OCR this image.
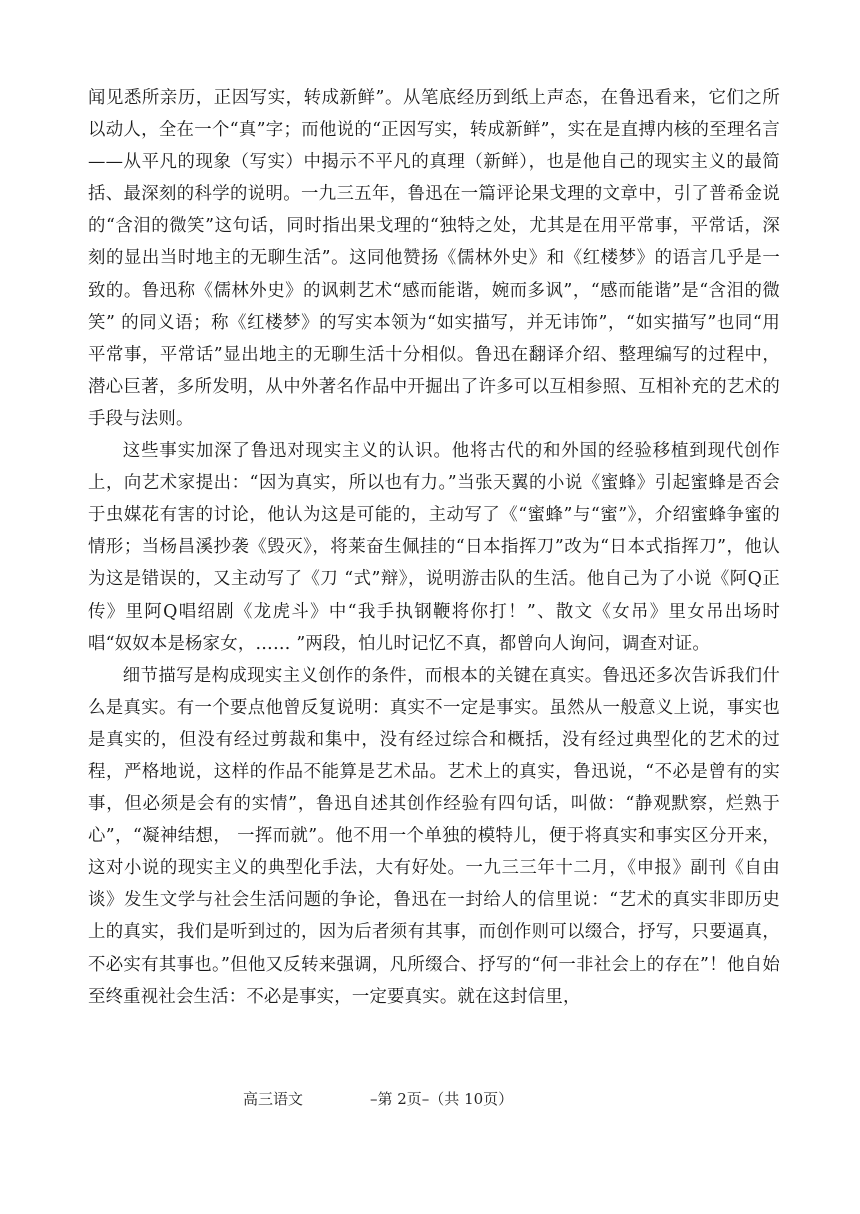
闻见悉所亲历，正因写实，转成新鲜”。从笔底经历到纸上声态，在鲁迅看来，它们之所以动人，全在一个“真”字；而他说的“正因写实，转成新鲜”，实在是直搏内核的至理名言——从平凡的现象（写实）中揭示不平凡的真理（新鲜），也是他自己的现实主义的最简括、最深刻的科学的说明。一九三五年，鲁迅在一篇评论果戈理的文章中，引了普希金说的“含泪的微笑”这句话，同时指出果戈理的“独特之处，尤其是在用平常事，平常话，深刻的显出当时地主的无聊生活”。这同他赞扬《儒林外史》和《红楼梦》的语言几乎是一致的。鲁迅称《儒林外史》的讽刺艺术“感而能谐，婉而多讽”，“感而能谐”是“含泪的微笑” 的同义语；称《红楼梦》的写实本领为“如实描写，并无讳饰”，“如实描写”也同“用平常事，平常话”显出地主的无聊生活十分相似。鲁迅在翻译介绍、整理编写的过程中，潜心巨著，多所发明，从中外著名作品中开掘出了许多可以互相参照、互相补充的艺术的手段与法则。

这些事实加深了鲁迅对现实主义的认识。他将古代的和外国的经验移植到现代创作上，向艺术家提出：“因为真实，所以也有力。”当张天翼的小说《蜜蜂》引起蜜蜂是否会于虫媒花有害的讨论，他认为这是可能的，主动写了《“蜜蜂”与“蜜”》，介绍蜜蜂争蜜的情形；当杨昌溪抄袭《毁灭》，将莱奋生佩挂的“日本指挥刀”改为“日本式指挥刀”，他认为这是错误的，又主动写了《刀 “式”辩》，说明游击队的生活。他自己为了小说《阿Q正传》里阿Q唱绍剧《龙虎斗》中“我手执钢鞭将你打！”、散文《女吊》里女吊出场时唱“奴奴本是杨家女，…… ”两段，怕儿时记忆不真，都曾向人询问，调查对证。

细节描写是构成现实主义创作的条件，而根本的关键在真实。鲁迅还多次告诉我们什么是真实。有一个要点他曾反复说明：真实不一定是事实。虽然从一般意义上说，事实也是真实的，但没有经过剪裁和集中，没有经过综合和概括，没有经过典型化的艺术的过程，严格地说，这样的作品不能算是艺术品。艺术上的真实，鲁迅说，“不必是曾有的实事，但必须是会有的实情”，鲁迅自述其创作经验有四句话，叫做：“静观默察，烂熟于心”，“凝神结想， 一挥而就”。他不用一个单独的模特儿，便于将真实和事实区分开来，这对小说的现实主义的典型化手法，大有好处。一九三三年十二月，《申报》副刊《自由谈》发生文学与社会生活问题的争论，鲁迅在一封给人的信里说：“艺术的真实非即历史上的真实，我们是听到过的，因为后者须有其事，而创作则可以缀合，抒写，只要逼真，不必实有其事也。”但他又反转来强调，凡所缀合、抒写的“何一非社会上的存在”！他自始至终重视社会生活：不必是事实，一定要真实。就在这封信里，

高三语文	–第 2页–（共 10页）
